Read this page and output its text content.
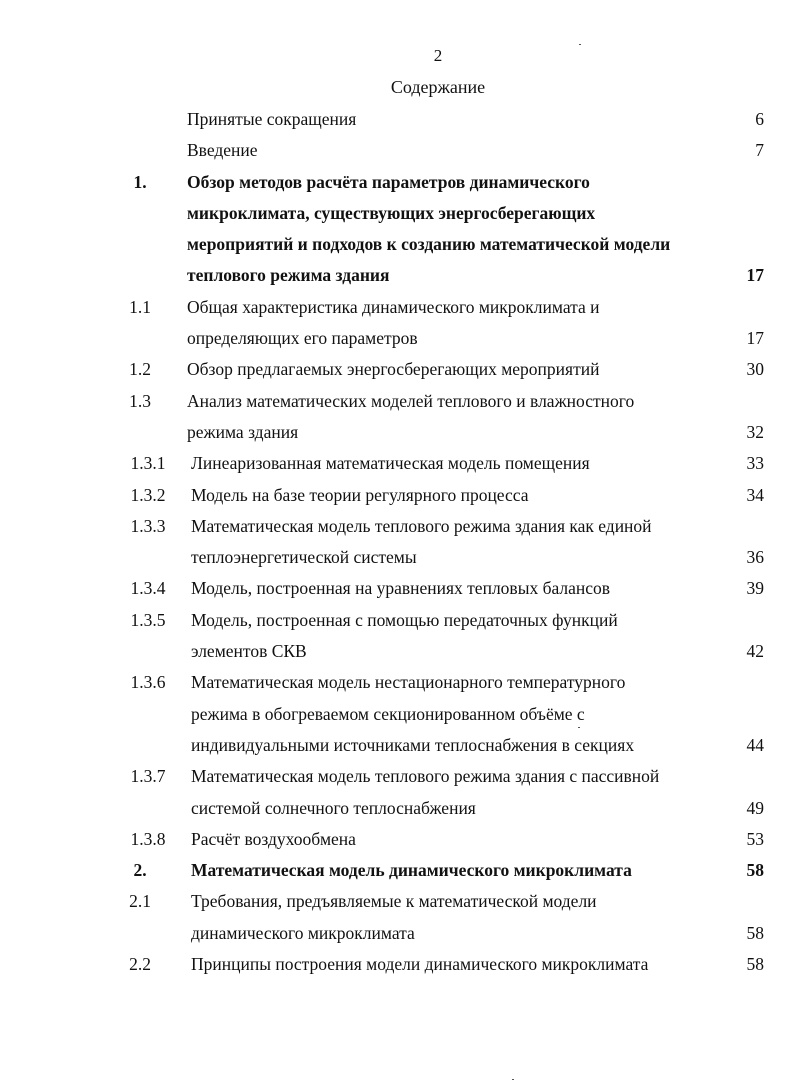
2
Содержание
Принятые сокращения	6
Введение	7
1.	Обзор методов расчёта параметров динамического
микроклимата, существующих энергосберегающих
мероприятий и подходов к созданию математической модели
теплового режима здания	17
1.1	Общая характеристика динамического микроклимата и
определяющих его параметров	17
1.2	Обзор предлагаемых энергосберегающих мероприятий	30
1.3	Анализ математических моделей теплового и влажностного
режима здания	32
1.3.1	Линеаризованная математическая модель помещения	33
1.3.2	Модель на базе теории регулярного процесса	34
1.3.3	Математическая модель теплового режима здания как единой
теплоэнергетической системы	36
1.3.4	Модель, построенная на уравнениях тепловых балансов	39
1.3.5	Модель, построенная с помощью передаточных функций
элементов СКВ	42
1.3.6	Математическая модель нестационарного температурного
режима в обогреваемом секционированном объёме с
индивидуальными источниками теплоснабжения в секциях	44
1.3.7	Математическая модель теплового режима здания с пассивной
системой солнечного теплоснабжения	49
1.3.8	Расчёт воздухообмена	53
2.	Математическая модель динамического микроклимата	58
2.1	Требования, предъявляемые к математической модели
динамического микроклимата	58
2.2	Принципы построения модели динамического микроклимата	58
